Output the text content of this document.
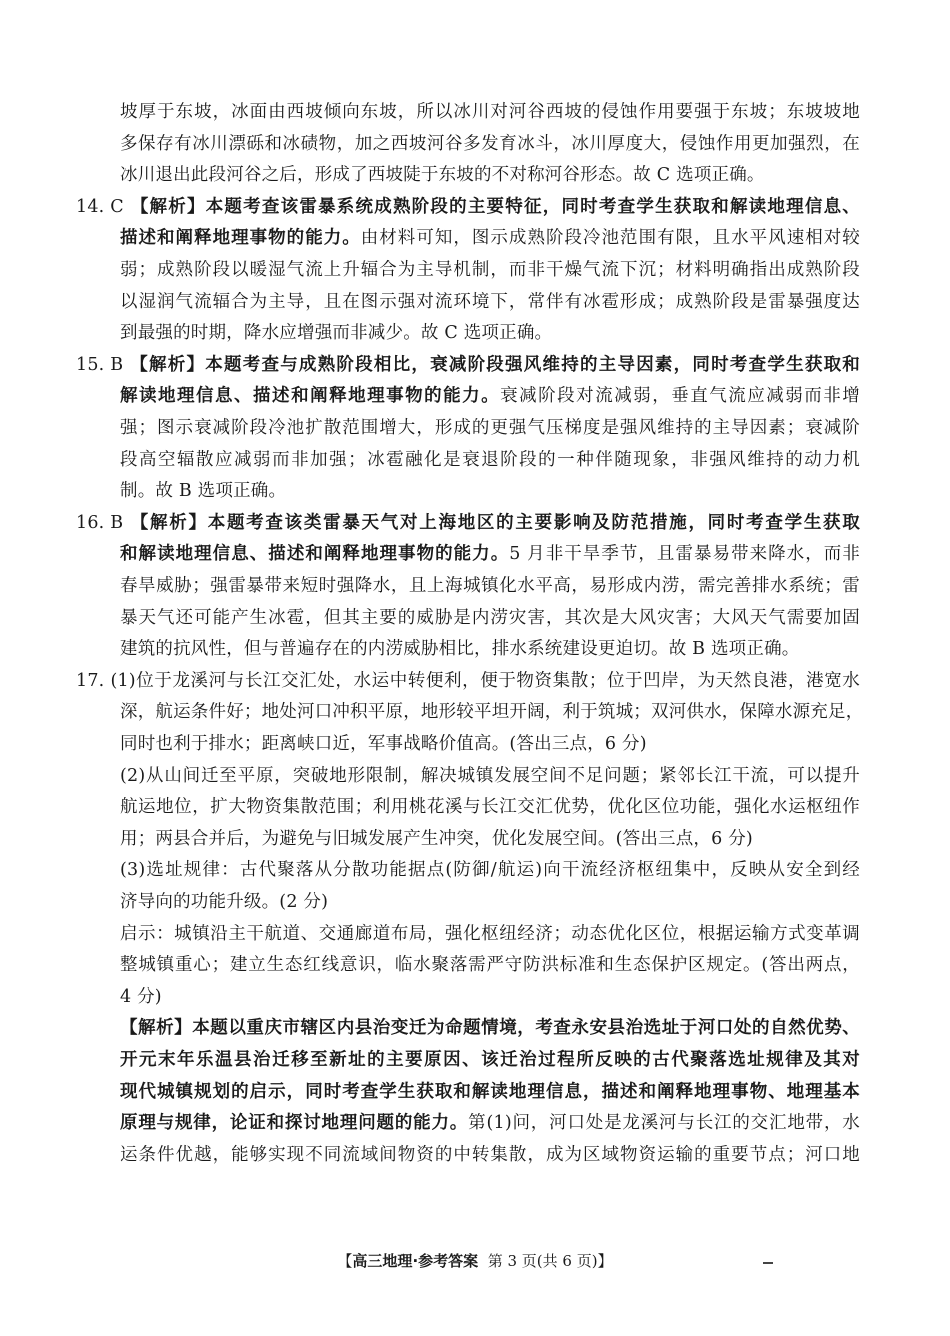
坡厚于东坡，冰面由西坡倾向东坡，所以冰川对河谷西坡的侵蚀作用要强于东坡；东坡坡地
多保存有冰川漂砾和冰碛物，加之西坡河谷多发育冰斗，冰川厚度大，侵蚀作用更加强烈，在
冰川退出此段河谷之后，形成了西坡陡于东坡的不对称河谷形态。故 C 选项正确。
14. C 【解析】本题考查该雷暴系统成熟阶段的主要特征，同时考查学生获取和解读地理信息、
描述和阐释地理事物的能力。由材料可知，图示成熟阶段冷池范围有限，且水平风速相对较
弱；成熟阶段以暖湿气流上升辐合为主导机制，而非干燥气流下沉；材料明确指出成熟阶段
以湿润气流辐合为主导，且在图示强对流环境下，常伴有冰雹形成；成熟阶段是雷暴强度达
到最强的时期，降水应增强而非减少。故 C 选项正确。
15. B 【解析】本题考查与成熟阶段相比，衰减阶段强风维持的主导因素，同时考查学生获取和
解读地理信息、描述和阐释地理事物的能力。衰减阶段对流减弱，垂直气流应减弱而非增
强；图示衰减阶段冷池扩散范围增大，形成的更强气压梯度是强风维持的主导因素；衰减阶
段高空辐散应减弱而非加强；冰雹融化是衰退阶段的一种伴随现象，非强风维持的动力机
制。故 B 选项正确。
16. B 【解析】本题考查该类雷暴天气对上海地区的主要影响及防范措施，同时考查学生获取
和解读地理信息、描述和阐释地理事物的能力。5 月非干旱季节，且雷暴易带来降水，而非
春旱威胁；强雷暴带来短时强降水，且上海城镇化水平高，易形成内涝，需完善排水系统；雷
暴天气还可能产生冰雹，但其主要的威胁是内涝灾害，其次是大风灾害；大风天气需要加固
建筑的抗风性，但与普遍存在的内涝威胁相比，排水系统建设更迫切。故 B 选项正确。
17. (1)位于龙溪河与长江交汇处，水运中转便利，便于物资集散；位于凹岸，为天然良港，港宽水
深，航运条件好；地处河口冲积平原，地形较平坦开阔，利于筑城；双河供水，保障水源充足，
同时也利于排水；距离峡口近，军事战略价值高。(答出三点，6 分)
(2)从山间迁至平原，突破地形限制，解决城镇发展空间不足问题；紧邻长江干流，可以提升
航运地位，扩大物资集散范围；利用桃花溪与长江交汇优势，优化区位功能，强化水运枢纽作
用；两县合并后，为避免与旧城发展产生冲突，优化发展空间。(答出三点，6 分)
(3)选址规律：古代聚落从分散功能据点(防御/航运)向干流经济枢纽集中，反映从安全到经
济导向的功能升级。(2 分)
启示：城镇沿主干航道、交通廊道布局，强化枢纽经济；动态优化区位，根据运输方式变革调
整城镇重心；建立生态红线意识，临水聚落需严守防洪标准和生态保护区规定。(答出两点，
4 分)
【解析】本题以重庆市辖区内县治变迁为命题情境，考查永安县治选址于河口处的自然优势、
开元末年乐温县治迁移至新址的主要原因、该迁治过程所反映的古代聚落选址规律及其对
现代城镇规划的启示，同时考查学生获取和解读地理信息，描述和阐释地理事物、地理基本
原理与规律，论证和探讨地理问题的能力。第(1)问，河口处是龙溪河与长江的交汇地带，水
运条件优越，能够实现不同流域间物资的中转集散，成为区域物资运输的重要节点；河口地
【高三地理·参考答案 第 3 页(共 6 页)】
